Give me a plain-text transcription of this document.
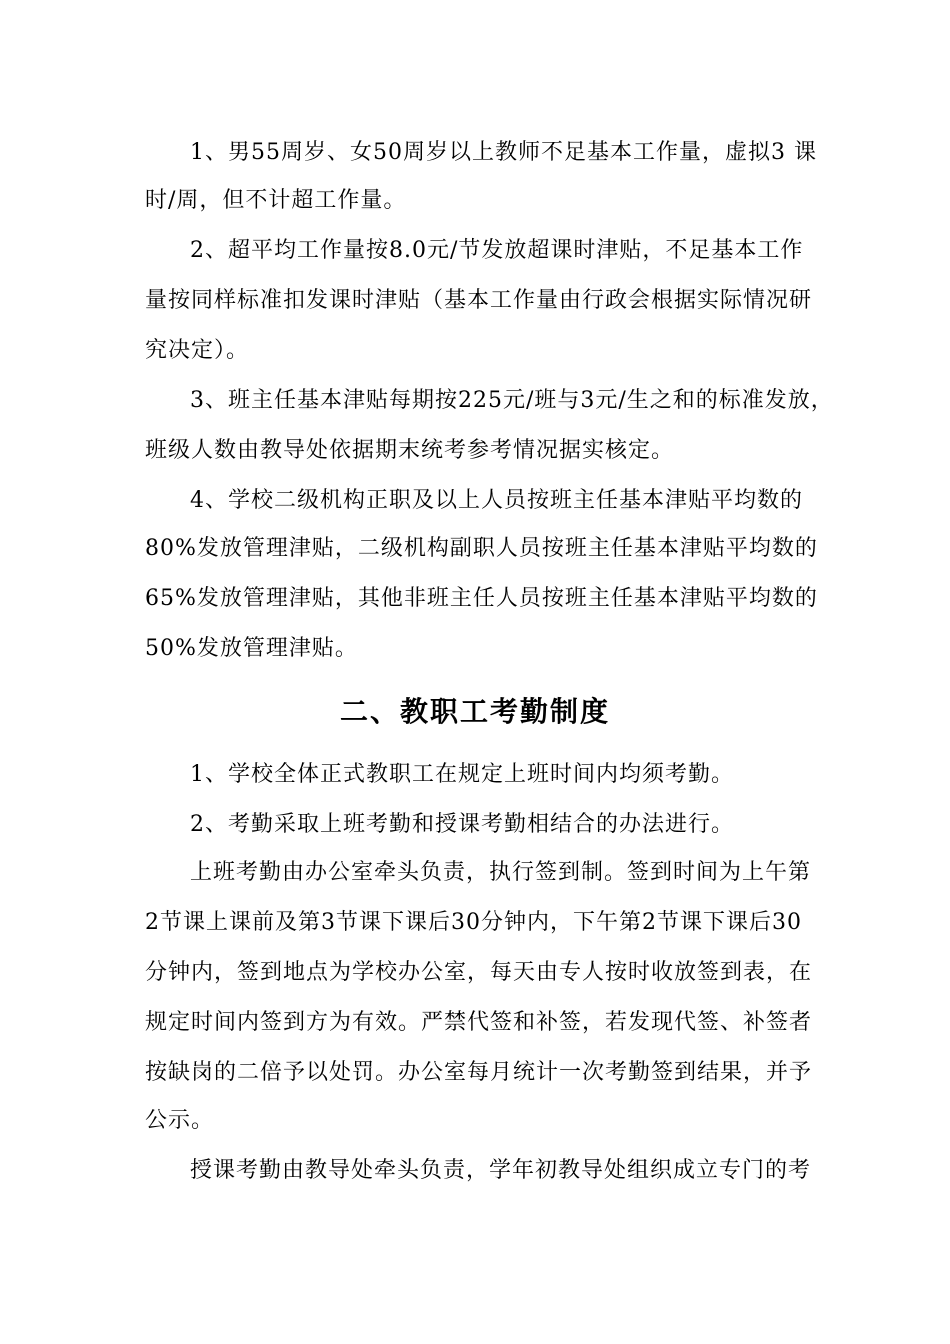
1、男55周岁、女50周岁以上教师不足基本工作量，虚拟3 课
时/周，但不计超工作量。
2、超平均工作量按8.0元/节发放超课时津贴，不足基本工作
量按同样标准扣发课时津贴（基本工作量由行政会根据实际情况研
究决定）。
3、班主任基本津贴每期按225元/班与3元/生之和的标准发放，
班级人数由教导处依据期末统考参考情况据实核定。
4、学校二级机构正职及以上人员按班主任基本津贴平均数的
80%发放管理津贴，二级机构副职人员按班主任基本津贴平均数的
65%发放管理津贴，其他非班主任人员按班主任基本津贴平均数的
50%发放管理津贴。
二、教职工考勤制度
1、学校全体正式教职工在规定上班时间内均须考勤。
2、考勤采取上班考勤和授课考勤相结合的办法进行。
上班考勤由办公室牵头负责，执行签到制。签到时间为上午第
2节课上课前及第3节课下课后30分钟内，下午第2节课下课后30
分钟内，签到地点为学校办公室，每天由专人按时收放签到表，在
规定时间内签到方为有效。严禁代签和补签，若发现代签、补签者
按缺岗的二倍予以处罚。办公室每月统计一次考勤签到结果，并予
公示。
授课考勤由教导处牵头负责，学年初教导处组织成立专门的考
